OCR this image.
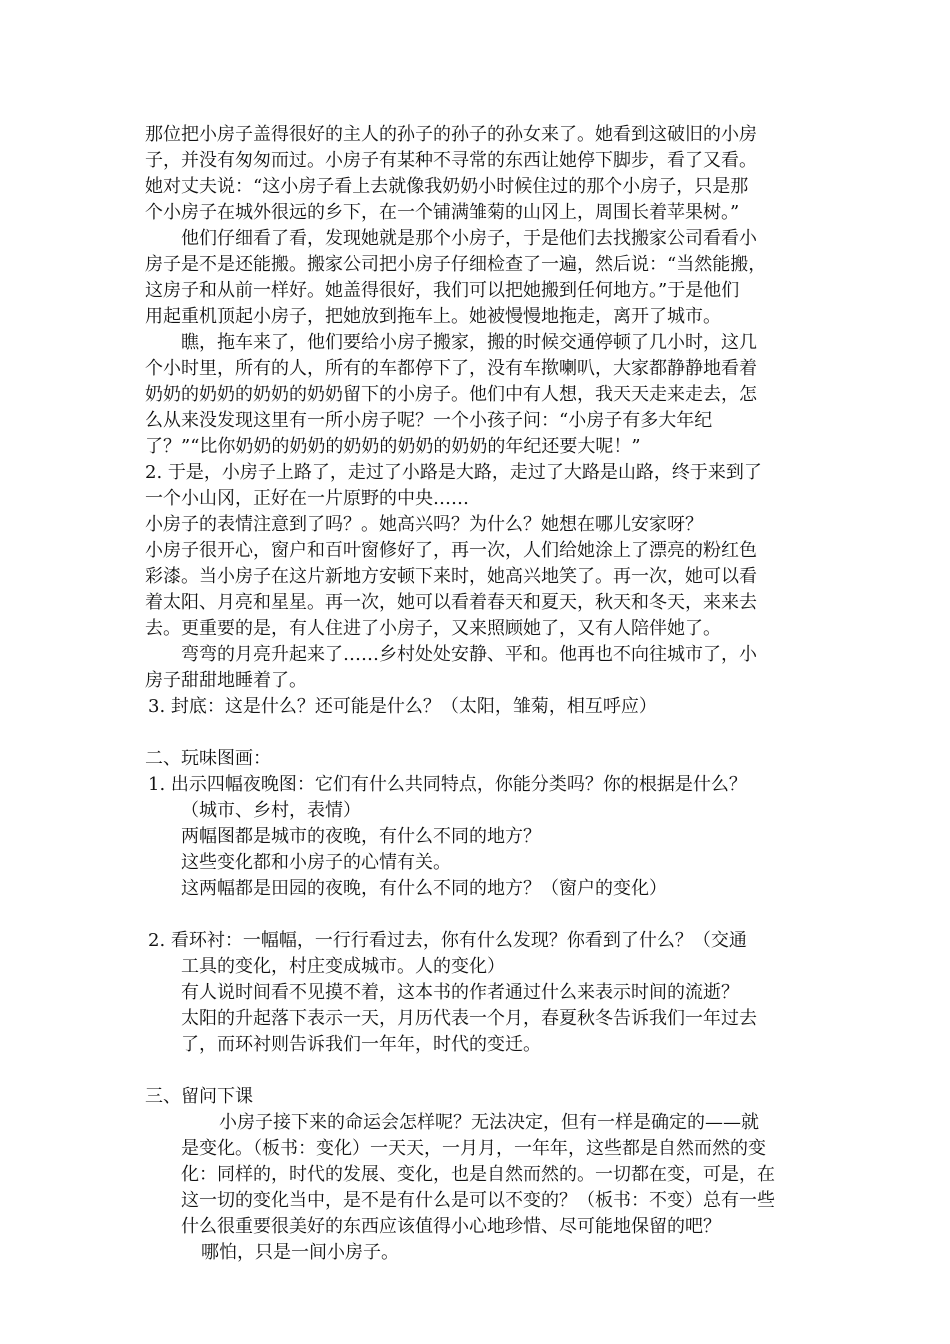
那位把小房子盖得很好的主人的孙子的孙子的孙女来了。她看到这破旧的小房
子，并没有匆匆而过。小房子有某种不寻常的东西让她停下脚步，看了又看。
她对丈夫说：“这小房子看上去就像我奶奶小时候住过的那个小房子，只是那
个小房子在城外很远的乡下，在一个铺满雏菊的山冈上，周围长着苹果树。”
他们仔细看了看，发现她就是那个小房子，于是他们去找搬家公司看看小
房子是不是还能搬。搬家公司把小房子仔细检查了一遍，然后说：“当然能搬，
这房子和从前一样好。她盖得很好，我们可以把她搬到任何地方。”于是他们
用起重机顶起小房子，把她放到拖车上。她被慢慢地拖走，离开了城市。
瞧，拖车来了，他们要给小房子搬家，搬的时候交通停顿了几小时，这几
个小时里，所有的人，所有的车都停下了，没有车揿喇叭，大家都静静地看着
奶奶的奶奶的奶奶的奶奶留下的小房子。他们中有人想，我天天走来走去，怎
么从来没发现这里有一所小房子呢？一个小孩子问：“小房子有多大年纪
了？”“比你奶奶的奶奶的奶奶的奶奶的奶奶的年纪还要大呢！”
2. 于是，小房子上路了，走过了小路是大路，走过了大路是山路，终于来到了
一个小山冈，正好在一片原野的中央……
小房子的表情注意到了吗？。她高兴吗？为什么？她想在哪儿安家呀？
小房子很开心，窗户和百叶窗修好了，再一次，人们给她涂上了漂亮的粉红色
彩漆。当小房子在这片新地方安顿下来时，她高兴地笑了。再一次，她可以看
着太阳、月亮和星星。再一次，她可以看着春天和夏天，秋天和冬天，来来去
去。更重要的是，有人住进了小房子，又来照顾她了，又有人陪伴她了。
弯弯的月亮升起来了……乡村处处安静、平和。他再也不向往城市了，小
房子甜甜地睡着了。
3. 封底：这是什么？还可能是什么？（太阳，雏菊，相互呼应）
二、玩味图画：
1. 出示四幅夜晚图：它们有什么共同特点，你能分类吗？你的根据是什么？
（城市、乡村，表情）
两幅图都是城市的夜晚，有什么不同的地方？
这些变化都和小房子的心情有关。
这两幅都是田园的夜晚，有什么不同的地方？（窗户的变化）
2. 看环衬：一幅幅，一行行看过去，你有什么发现？你看到了什么？（交通
工具的变化，村庄变成城市。人的变化）
有人说时间看不见摸不着，这本书的作者通过什么来表示时间的流逝？
太阳的升起落下表示一天，月历代表一个月，春夏秋冬告诉我们一年过去
了，而环衬则告诉我们一年年，时代的变迁。
三、留问下课
小房子接下来的命运会怎样呢？无法决定，但有一样是确定的——就
是变化。（板书：变化）一天天，一月月，一年年，这些都是自然而然的变
化：同样的，时代的发展、变化，也是自然而然的。一切都在变，可是，在
这一切的变化当中，是不是有什么是可以不变的？（板书：不变）总有一些
什么很重要很美好的东西应该值得小心地珍惜、尽可能地保留的吧？
哪怕，只是一间小房子。
